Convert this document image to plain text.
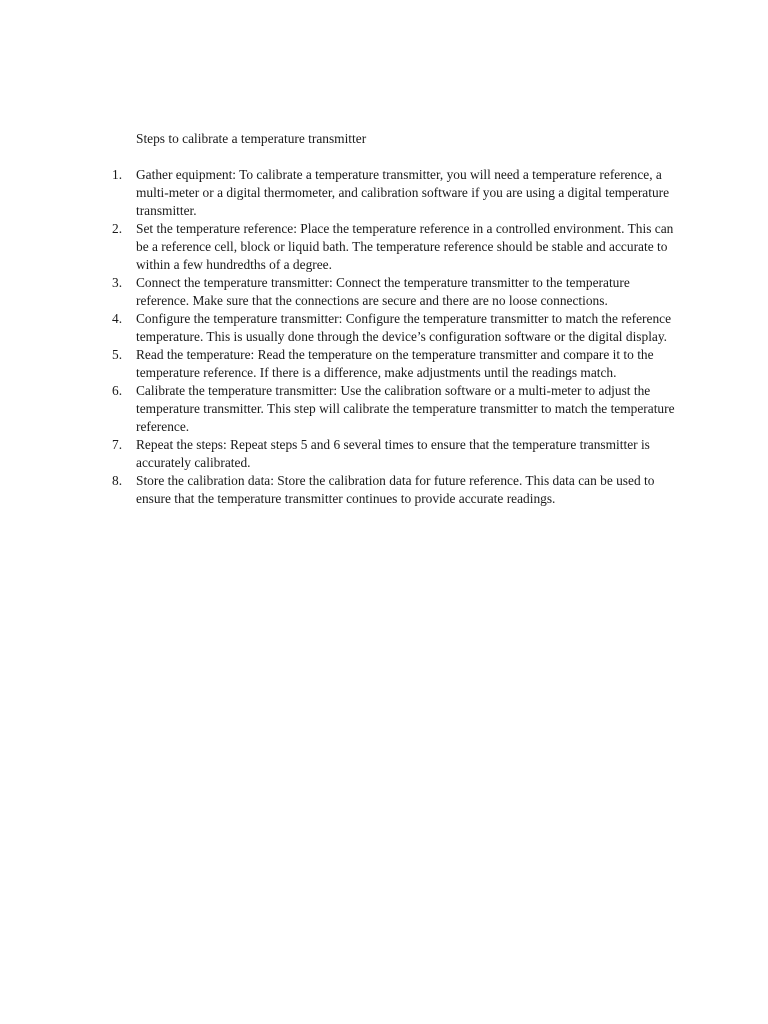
Steps to calibrate a temperature transmitter
1.	Gather equipment: To calibrate a temperature transmitter, you will need a temperature reference, a multi-meter or a digital thermometer, and calibration software if you are using a digital temperature transmitter.
2.	Set the temperature reference: Place the temperature reference in a controlled environment. This can be a reference cell, block or liquid bath. The temperature reference should be stable and accurate to within a few hundredths of a degree.
3.	Connect the temperature transmitter: Connect the temperature transmitter to the temperature reference. Make sure that the connections are secure and there are no loose connections.
4.	Configure the temperature transmitter: Configure the temperature transmitter to match the reference temperature. This is usually done through the device’s configuration software or the digital display.
5.	Read the temperature: Read the temperature on the temperature transmitter and compare it to the temperature reference. If there is a difference, make adjustments until the readings match.
6.	Calibrate the temperature transmitter: Use the calibration software or a multi-meter to adjust the temperature transmitter. This step will calibrate the temperature transmitter to match the temperature reference.
7.	Repeat the steps: Repeat steps 5 and 6 several times to ensure that the temperature transmitter is accurately calibrated.
8.	Store the calibration data: Store the calibration data for future reference. This data can be used to ensure that the temperature transmitter continues to provide accurate readings.
